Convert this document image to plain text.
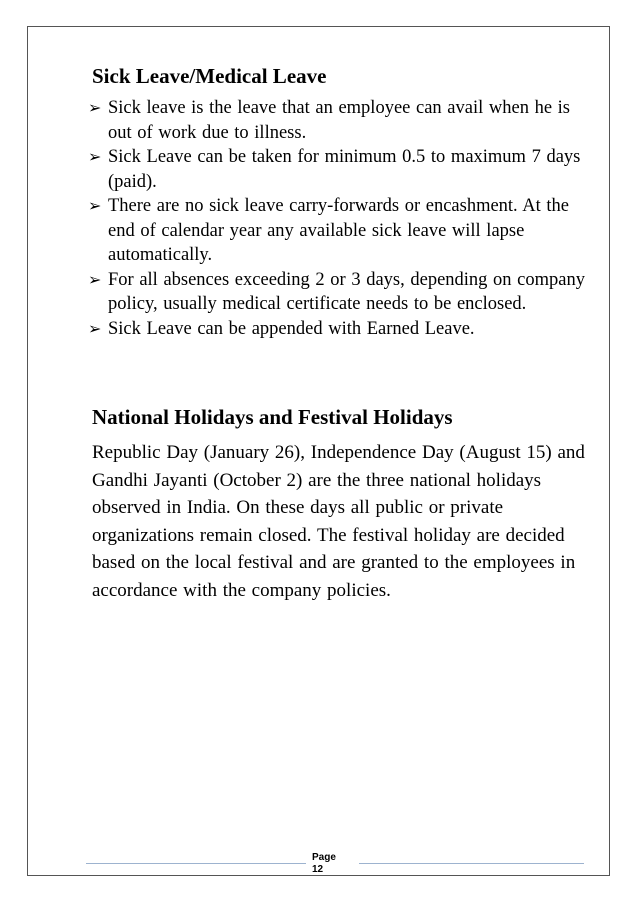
Sick Leave/Medical Leave
➢ Sick leave is the leave that an employee can avail when he is out of work due to illness.
➢ Sick Leave can be taken for minimum 0.5 to maximum 7 days (paid).
➢ There are no sick leave carry-forwards or encashment. At the end of calendar year any available sick leave will lapse automatically.
➢ For all absences exceeding 2 or 3 days, depending on company policy, usually medical certificate needs to be enclosed.
➢ Sick Leave can be appended with Earned Leave.
National Holidays and Festival Holidays

Republic Day (January 26), Independence Day (August 15) and Gandhi Jayanti (October 2) are the three national holidays observed in India. On these days all public or private organizations remain closed. The festival holiday are decided based on the local festival and are granted to the employees in accordance with the company policies.

Page
12
